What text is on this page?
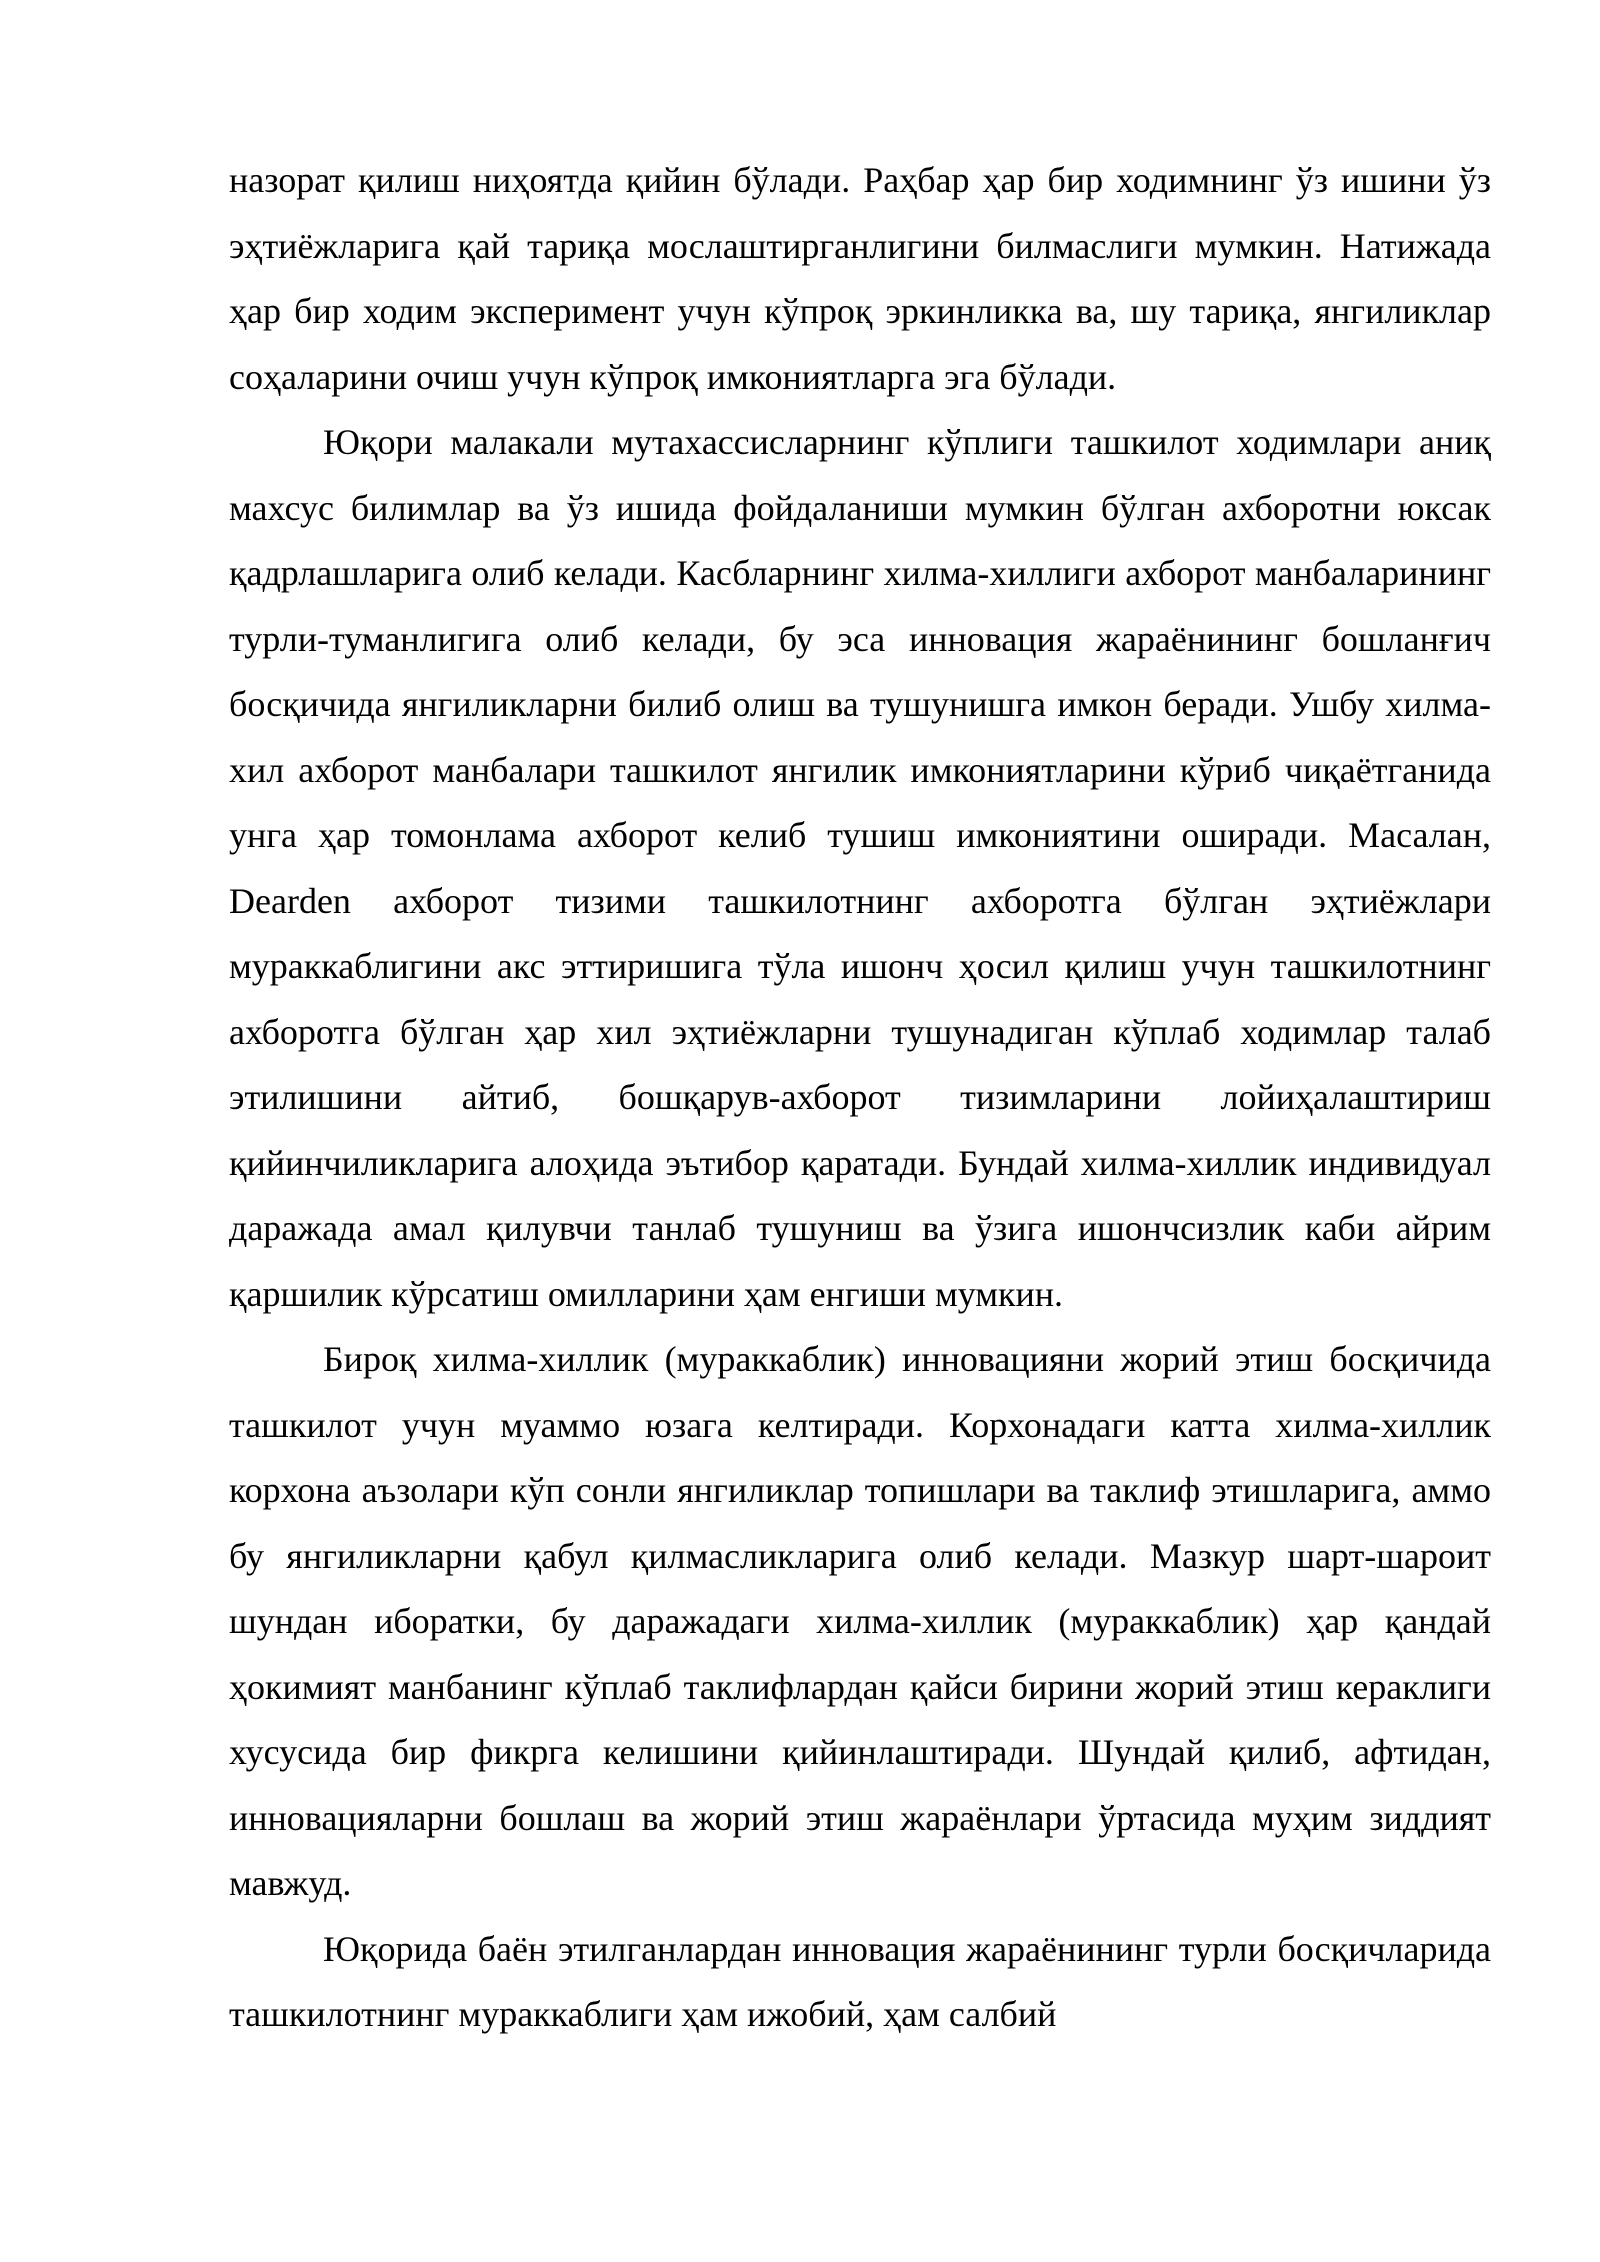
назорат қилиш ниҳоятда қийин бўлади. Раҳбар ҳар бир ходимнинг ўз ишини ўз эҳтиёжларига қай тариқа мослаштирганлигини билмаслиги мумкин. Натижада ҳар бир ходим эксперимент учун кўпроқ эркинликка ва, шу тариқа, янгиликлар соҳаларини очиш учун кўпроқ имкониятларга эга бўлади.

Юқори малакали мутахассисларнинг кўплиги ташкилот ходимлари аниқ махсус билимлар ва ўз ишида фойдаланиши мумкин бўлган ахборотни юксак қадрлашларига олиб келади. Касбларнинг хилма-хиллиги ахборот манбаларининг турли-туманлигига олиб келади, бу эса инновация жараёнининг бошланғич босқичида янгиликларни билиб олиш ва тушунишга имкон беради. Ушбу хилма-хил ахборот манбалари ташкилот янгилик имкониятларини кўриб чиқаётганида унга ҳар томонлама ахборот келиб тушиш имкониятини оширади. Масалан, Dearden ахборот тизими ташкилотнинг ахборотга бўлган эҳтиёжлари мураккаблигини акс эттиришига тўла ишонч ҳосил қилиш учун ташкилотнинг ахборотга бўлган ҳар хил эҳтиёжларни тушунадиган кўплаб ходимлар талаб этилишини айтиб, бошқарув-ахборот тизимларини лойиҳалаштириш қийинчиликларига алоҳида эътибор қаратади. Бундай хилма-хиллик индивидуал даражада амал қилувчи танлаб тушуниш ва ўзига ишончсизлик каби айрим қаршилик кўрсатиш омилларини ҳам енгиши мумкин.

Бироқ хилма-хиллик (мураккаблик) инновацияни жорий этиш босқичида ташкилот учун муаммо юзага келтиради. Корхонадаги катта хилма-хиллик корхона аъзолари кўп сонли янгиликлар топишлари ва таклиф этишларига, аммо бу янгиликларни қабул қилмасликларига олиб келади. Мазкур шарт-шароит шундан иборатки, бу даражадаги хилма-хиллик (мураккаблик) ҳар қандай ҳокимият манбанинг кўплаб таклифлардан қайси бирини жорий этиш кераклиги хусусида бир фикрга келишини қийинлаштиради. Шундай қилиб, афтидан, инновацияларни бошлаш ва жорий этиш жараёнлари ўртасида муҳим зиддият мавжуд.

Юқорида баён этилганлардан инновация жараёнининг турли босқичларида ташкилотнинг мураккаблиги ҳам ижобий, ҳам салбий
